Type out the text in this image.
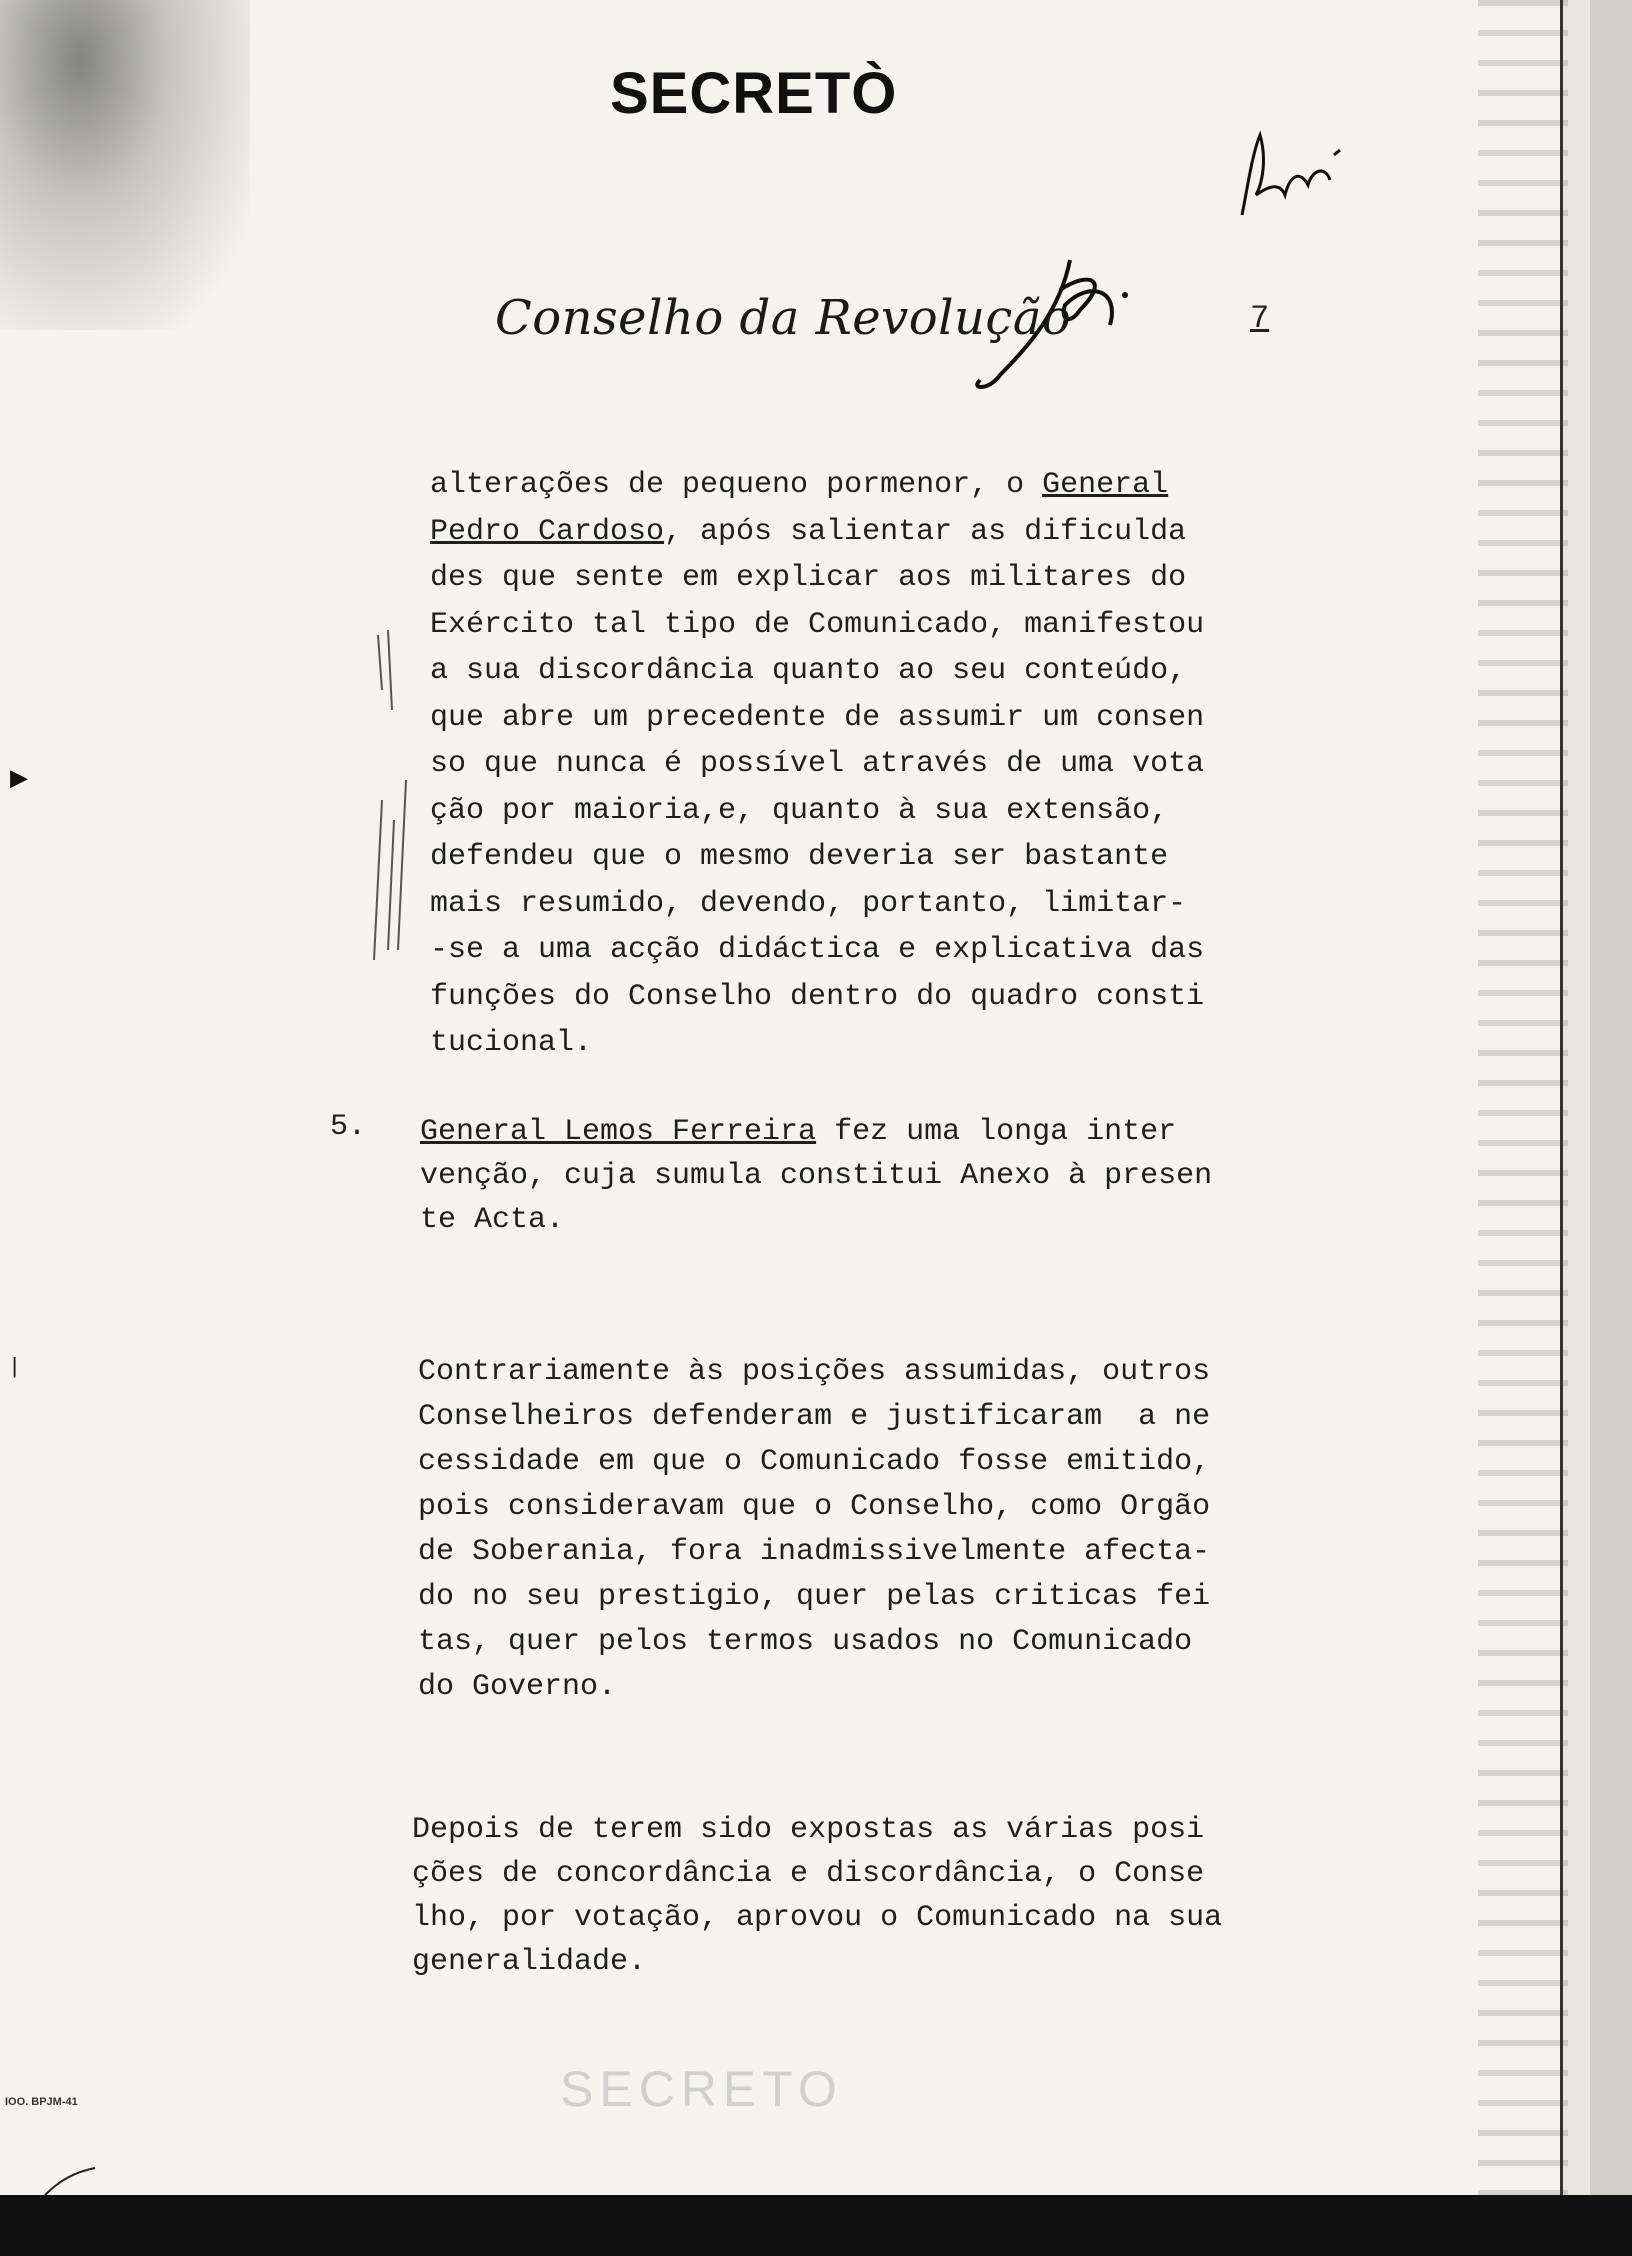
SECRETÒ
Conselho da Revolução	7
alterações de pequeno pormenor, o General
Pedro Cardoso, após salientar as dificulda
des que sente em explicar aos militares do
Exército tal tipo de Comunicado, manifestou
a sua discordância quanto ao seu conteúdo,
que abre um precedente de assumir um consen
so que nunca é possível através de uma vota
ção por maioria,e, quanto à sua extensão,
defendeu que o mesmo deveria ser bastante
mais resumido, devendo, portanto, limitar-
-se a uma acção didáctica e explicativa das
funções do Conselho dentro do quadro consti
tucional.
5. General Lemos Ferreira fez uma longa inter
venção, cuja sumula constitui Anexo à presen
te Acta.
Contrariamente às posições assumidas, outros
Conselheiros defenderam e justificaram  a ne
cessidade em que o Comunicado fosse emitido,
pois consideravam que o Conselho, como Orgão
de Soberania, fora inadmissivelmente afecta-
do no seu prestigio, quer pelas criticas fei
tas, quer pelos termos usados no Comunicado
do Governo.
Depois de terem sido expostas as várias posi
ções de concordância e discordância, o Conse
lho, por votação, aprovou o Comunicado na sua
generalidade.
▶
|
SECRETO
IOO. BPJM-41
